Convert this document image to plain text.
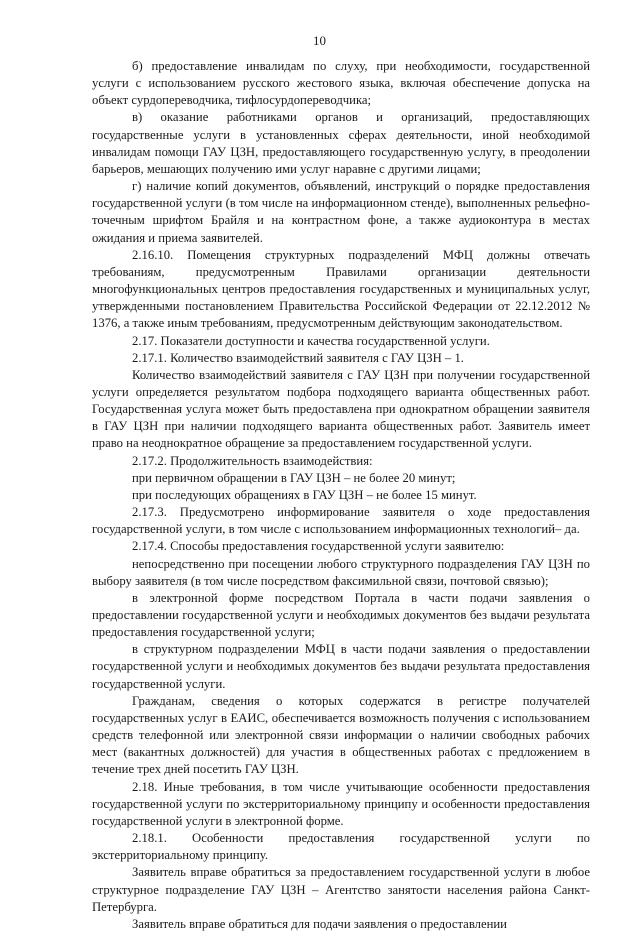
10

б) предоставление инвалидам по слуху, при необходимости, государственной услуги с использованием русского жестового языка, включая обеспечение допуска на объект сурдопереводчика, тифлосурдопереводчика;

в) оказание работниками органов и организаций, предоставляющих государственные услуги в установленных сферах деятельности, иной необходимой инвалидам помощи ГАУ ЦЗН, предоставляющего государственную услугу, в преодолении барьеров, мешающих получению ими услуг наравне с другими лицами;

г) наличие копий документов, объявлений, инструкций о порядке предоставления государственной услуги (в том числе на информационном стенде), выполненных рельефно-точечным шрифтом Брайля и на контрастном фоне, а также аудиоконтура в местах ожидания и приема заявителей.

2.16.10. Помещения структурных подразделений МФЦ должны отвечать требованиям, предусмотренным Правилами организации деятельности многофункциональных центров предоставления государственных и муниципальных услуг, утвержденными постановлением Правительства Российской Федерации от 22.12.2012 № 1376, а также иным требованиям, предусмотренным действующим законодательством.

2.17. Показатели доступности и качества государственной услуги.

2.17.1. Количество взаимодействий заявителя с ГАУ ЦЗН – 1.

Количество взаимодействий заявителя с ГАУ ЦЗН при получении государственной услуги определяется результатом подбора подходящего варианта общественных работ. Государственная услуга может быть предоставлена при однократном обращении заявителя в ГАУ ЦЗН при наличии подходящего варианта общественных работ. Заявитель имеет право на неоднократное обращение за предоставлением государственной услуги.

2.17.2. Продолжительность взаимодействия:

при первичном обращении в ГАУ ЦЗН – не более 20 минут;

при последующих обращениях в ГАУ ЦЗН – не более 15 минут.

2.17.3. Предусмотрено информирование заявителя о ходе предоставления государственной услуги, в том числе с использованием информационных технологий– да.

2.17.4. Способы предоставления государственной услуги заявителю:

непосредственно при посещении любого структурного подразделения ГАУ ЦЗН по выбору заявителя (в том числе посредством факсимильной связи, почтовой связью);

в электронной форме посредством Портала в части подачи заявления о предоставлении государственной услуги и необходимых документов без выдачи результата предоставления государственной услуги;

в структурном подразделении МФЦ в части подачи заявления о предоставлении государственной услуги и необходимых документов без выдачи результата предоставления государственной услуги.

Гражданам, сведения о которых содержатся в регистре получателей государственных услуг в ЕАИС, обеспечивается возможность получения с использованием средств телефонной или электронной связи информации о наличии свободных рабочих мест (вакантных должностей) для участия в общественных работах с предложением в течение трех дней посетить ГАУ ЦЗН.

2.18. Иные требования, в том числе учитывающие особенности предоставления государственной услуги по экстерриториальному принципу и особенности предоставления государственной услуги в электронной форме.

2.18.1. Особенности предоставления государственной услуги по экстерриториальному принципу.

Заявитель вправе обратиться за предоставлением государственной услуги в любое структурное подразделение ГАУ ЦЗН – Агентство занятости населения района Санкт-Петербурга.

Заявитель вправе обратиться для подачи заявления о предоставлении
